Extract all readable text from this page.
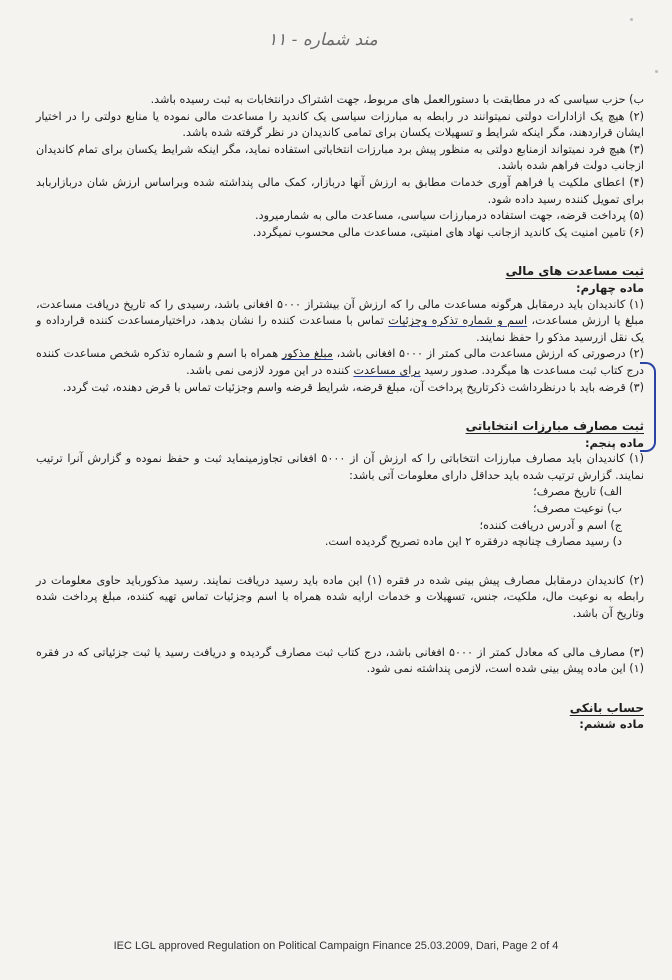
مند شماره - ۱۱

ب) حزب سیاسی که در مطابقت با دستورالعمل های مربوط، جهت اشتراک درانتخابات به ثبت رسیده باشد.

(۲) هیچ یک ازادارات دولتی نمیتوانند در رابطه به مبارزات سیاسی یک کاندید را مساعدت مالی نموده یا منابع دولتی را در اختیار ایشان قراردهند، مگر اینکه شرایط و تسهیلات یکسان برای تمامی کاندیدان در نظر گرفته شده باشد.

(۳) هیچ فرد نمیتواند ازمنابع دولتی به منظور پیش برد مبارزات انتخاباتی استفاده نماید، مگر اینکه شرایط یکسان برای تمام کاندیدان ازجانب دولت فراهم شده باشد.

(۴) اعطای ملکیت یا فراهم آوری خدمات مطابق به ارزش آنها دربازار، کمک مالی پنداشته شده وبراساس ارزش شان دربازاربابد برای تمویل کننده رسید داده شود.

(۵) پرداخت قرضه، جهت استفاده درمبارزات سیاسی، مساعدت مالی به شمارمیرود.

(۶) تامین امنیت یک کاندید ازجانب نهاد های امنیتی، مساعدت مالی محسوب نمیگردد.

ثبت مساعدت های مالی

ماده چهارم:

(۱) کاندیدان باید درمقابل هرگونه مساعدت مالی را که ارزش آن بیشتراز ۵۰۰۰ افغانی باشد، رسیدی را که تاریخ دریافت مساعدت، مبلغ یا ارزش مساعدت، اسم و شماره تذکره وجزئیات تماس با مساعدت کننده را نشان بدهد، دراختیارمساعدت کننده قرارداده و یک نقل ازرسید مذکو را حفظ نمایند.

(۲) درصورتی که ارزش مساعدت مالی کمتر از ۵۰۰۰ افغانی باشد، مبلغ مذکور همراه با اسم و شماره تذکره شخص مساعدت کننده درج کتاب ثبت مساعدت ها میگردد. صدور رسید برای مساعدت کننده در این مورد لازمی نمی باشد.

(۳) قرضه باید با درنظرداشت ذکرتاریخ پرداخت آن، مبلغ قرضه، شرایط قرضه واسم وجزئیات تماس با قرض دهنده، ثبت گردد.

ثبت مصارف مبارزات انتخاباتی

ماده پنجم:

(۱) کاندیدان باید مصارف مبارزات انتخاباتی را که ارزش آن از ۵۰۰۰ افغانی تجاوزمینماید ثبت و حفظ نموده و گزارش آنرا ترتیب نمایند. گزارش ترتیب شده باید حداقل دارای معلومات آتی باشد:

الف) تاریخ مصرف؛

ب) نوعیت مصرف؛

ج) اسم و آدرس دریافت کننده؛

د) رسید مصارف چنانچه درفقره ۲ این ماده تصریح گردیده است.

(۲) کاندیدان درمقابل مصارف پیش بینی شده در فقره (۱) این ماده باید رسید دریافت نمایند. رسید مذکورباید حاوی معلومات در رابطه به نوعیت مال، ملکیت، جنس، تسهیلات و خدمات ارایه شده همراه با اسم وجزئیات تماس تهیه کننده، مبلغ پرداخت شده وتاریخ آن باشد.

(۳) مصارف مالی که معادل کمتر از ۵۰۰۰ افغانی باشد، درج کتاب ثبت مصارف گردیده و دریافت رسید یا ثبت جزئیاتی که در فقره (۱) این ماده پیش بینی شده است، لازمی پنداشته نمی شود.

حساب بانکی

ماده ششم:

IEC LGL approved Regulation on Political Campaign Finance 25.03.2009, Dari, Page 2 of 4
